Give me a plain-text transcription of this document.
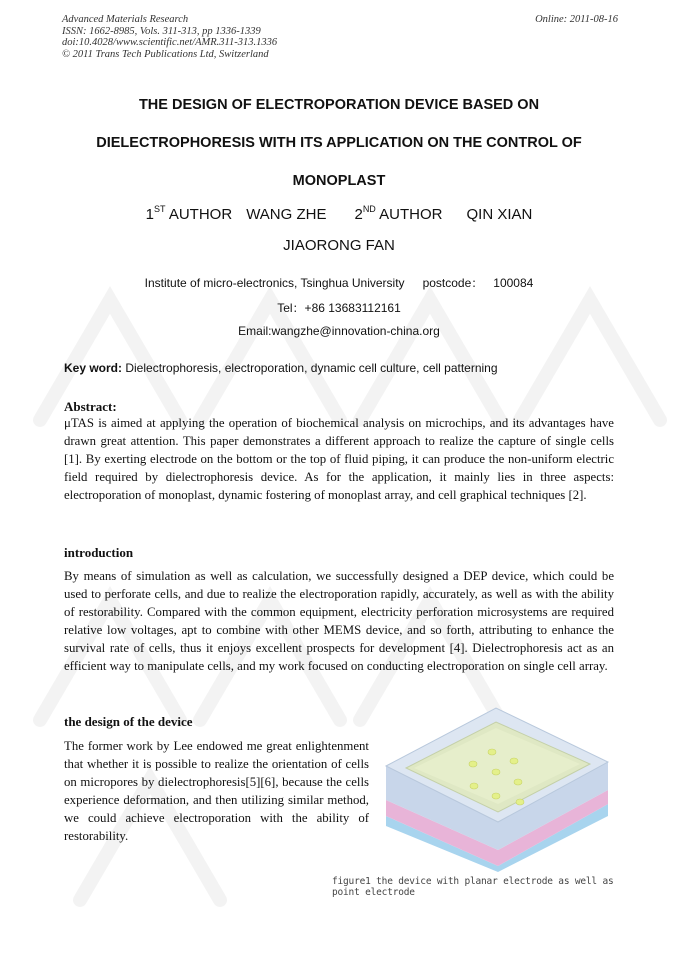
Advanced Materials Research
ISSN: 1662-8985, Vols. 311-313, pp 1336-1339
doi:10.4028/www.scientific.net/AMR.311-313.1336
© 2011 Trans Tech Publications Ltd, Switzerland
Online: 2011-08-16
THE DESIGN OF ELECTROPORATION DEVICE BASED ON
DIELECTROPHORESIS WITH ITS APPLICATION ON THE CONTROL OF
MONOPLAST
1ST AUTHOR WANG ZHE 2ND AUTHOR QIN XIAN
JIAORONG FAN
Institute of micro-electronics, Tsinghua University postcode： 100084
Tel：+86 13683112161
Email:wangzhe@innovation-china.org
Key word: Dielectrophoresis, electroporation, dynamic cell culture, cell patterning
Abstract:
μTAS is aimed at applying the operation of biochemical analysis on microchips, and its advantages have drawn great attention. This paper demonstrates a different approach to realize the capture of single cells [1]. By exerting electrode on the bottom or the top of fluid piping, it can produce the non-uniform electric field required by dielectrophoresis device. As for the application, it mainly lies in three aspects: electroporation of monoplast, dynamic fostering of monoplast array, and cell graphical techniques [2].
introduction
By means of simulation as well as calculation, we successfully designed a DEP device, which could be used to perforate cells, and due to realize the electroporation rapidly, accurately, as well as with the ability of restorability. Compared with the common equipment, electricity perforation microsystems are required relative low voltages, apt to combine with other MEMS device, and so forth, attributing to enhance the survival rate of cells, thus it enjoys excellent prospects for development [4]. Dielectrophoresis act as an efficient way to manipulate cells, and my work focused on conducting electroporation on single cell array.
the design of the device
The former work by Lee endowed me great enlightenment that whether it is possible to realize the orientation of cells on micropores by dielectrophoresis[5][6], because the cells experience deformation, and then utilizing similar method, we could achieve electroporation with the ability of restorability.
figure1 the device with planar electrode as well as point electrode
